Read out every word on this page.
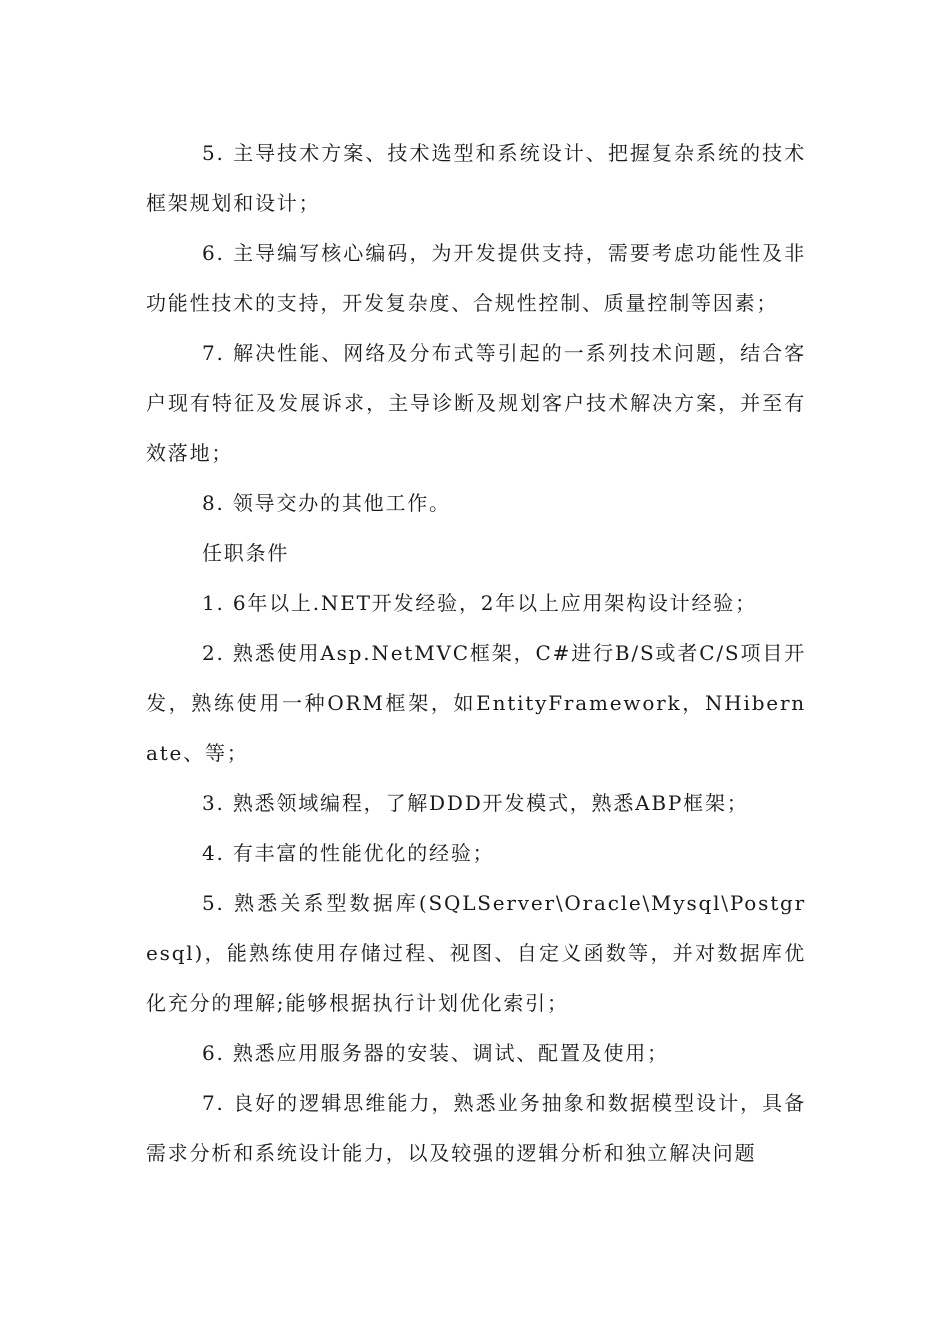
5. 主导技术方案、技术选型和系统设计、把握复杂系统的技术框架规划和设计；

6. 主导编写核心编码，为开发提供支持，需要考虑功能性及非功能性技术的支持，开发复杂度、合规性控制、质量控制等因素；

7. 解决性能、网络及分布式等引起的一系列技术问题，结合客户现有特征及发展诉求，主导诊断及规划客户技术解决方案，并至有效落地；

8. 领导交办的其他工作。

任职条件

1. 6年以上.NET开发经验，2年以上应用架构设计经验；

2. 熟悉使用Asp.NetMVC框架，C#进行B/S或者C/S项目开发，熟练使用一种ORM框架，如EntityFramework，NHibernate、等；

3. 熟悉领域编程，了解DDD开发模式，熟悉ABP框架；

4. 有丰富的性能优化的经验；

5. 熟悉关系型数据库(SQLServer\Oracle\Mysql\Postgresql)，能熟练使用存储过程、视图、自定义函数等，并对数据库优化充分的理解;能够根据执行计划优化索引；

6. 熟悉应用服务器的安装、调试、配置及使用；

7. 良好的逻辑思维能力，熟悉业务抽象和数据模型设计，具备需求分析和系统设计能力，以及较强的逻辑分析和独立解决问题
